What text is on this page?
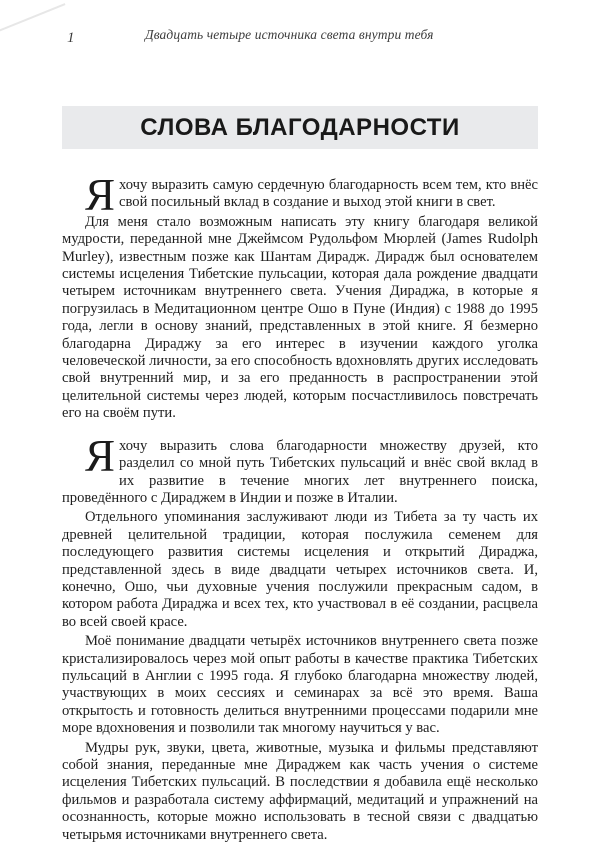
1	Двадцать четыре источника света внутри тебя
СЛОВА БЛАГОДАРНОСТИ

Яхочу выразить самую сердечную благодарность всем тем, кто внёс свой посильный вклад в создание и выход этой книги в свет.

Для меня стало возможным написать эту книгу благодаря великой мудрости, переданной мне Джеймсом Рудольфом Мюрлей (James Rudolph Murley), известным позже как Шантам Дирадж. Дирадж был основателем системы исцеления Тибетские пульсации, которая дала рождение двадцати четырем источникам внутреннего света. Учения Дираджа, в которые я погрузилась в Медитационном центре Ошо в Пуне (Индия) с 1988 до 1995 года, легли в основу знаний, представленных в этой книге. Я безмерно благодарна Дираджу за его интерес в изучении каждого уголка человеческой личности, за его способность вдохновлять других исследовать свой внутренний мир, и за его преданность в распространении этой целительной системы через людей, которым посчастливилось повстречать его на своём пути.

Яхочу выразить слова благодарности множеству друзей, кто разделил со мной путь Тибетских пульсаций и внёс свой вклад в их развитие в течение многих лет внутреннего поиска, проведённого с Дираджем в Индии и позже в Италии.

Отдельного упоминания заслуживают люди из Тибета за ту часть их древней целительной традиции, которая послужила семенем для последующего развития системы исцеления и открытий Дираджа, представленной здесь в виде двадцати четырех источников света. И, конечно, Ошо, чьи духовные учения послужили прекрасным садом, в котором работа Дираджа и всех тех, кто участвовал в её создании, расцвела во всей своей красе.

Моё понимание двадцати четырёх источников внутреннего света позже кристализировалось через мой опыт работы в качестве практика Тибетских пульсаций в Англии с 1995 года. Я глубоко благодарна множеству людей, участвующих в моих сессиях и семинарах за всё это время. Ваша открытость и готовность делиться внутренними процессами подарили мне море вдохновения и позволили так многому научиться у вас.

Мудры рук, звуки, цвета, животные, музыка и фильмы представляют собой знания, переданные мне Дираджем как часть учения о системе исцеления Тибетских пульсаций. В последствии я добавила ещё несколько фильмов и разработала систему аффирмаций, медитаций и упражнений на осознанность, которые можно использовать в тесной связи с двадцатью четырьмя источниками внутреннего света.
